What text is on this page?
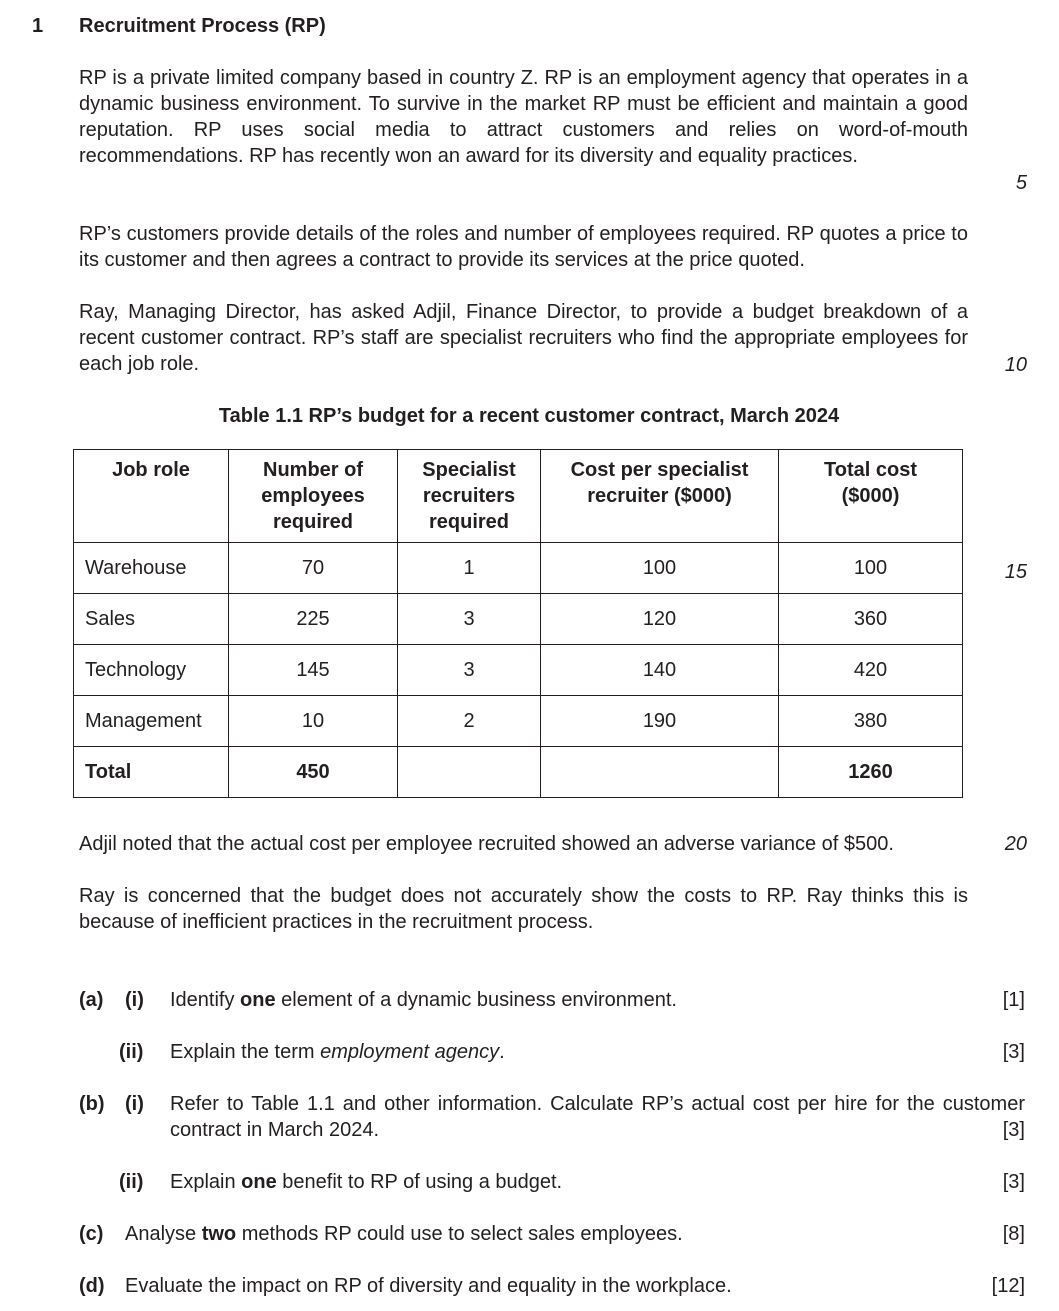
1 Recruitment Process (RP)
RP is a private limited company based in country Z. RP is an employment agency that operates in a dynamic business environment. To survive in the market RP must be efficient and maintain a good reputation. RP uses social media to attract customers and relies on word-of-mouth recommendations. RP has recently won an award for its diversity and equality practices.
RP’s customers provide details of the roles and number of employees required. RP quotes a price to its customer and then agrees a contract to provide its services at the price quoted.
Ray, Managing Director, has asked Adjil, Finance Director, to provide a budget breakdown of a recent customer contract. RP’s staff are specialist recruiters who find the appropriate employees for each job role.
5
10
15
20
Table 1.1 RP’s budget for a recent customer contract, March 2024
Job role	Number of employees required	Specialist recruiters required	Cost per specialist recruiter ($000)	Total cost ($000)

Warehouse	70	1	100	100
Sales	225	3	120	360
Technology	145	3	140	420
Management	10	2	190	380
Total	450			1260
Adjil noted that the actual cost per employee recruited showed an adverse variance of $500.
Ray is concerned that the budget does not accurately show the costs to RP. Ray thinks this is because of inefficient practices in the recruitment process.
(a) (i) Identify one element of a dynamic business environment.	[1]
(ii) Explain the term employment agency.	[3]
(b) (i) Refer to Table 1.1 and other information. Calculate RP’s actual cost per hire for the customer contract in March 2024.	[3]
(ii) Explain one benefit to RP of using a budget.	[3]
(c) Analyse two methods RP could use to select sales employees.	[8]
(d) Evaluate the impact on RP of diversity and equality in the workplace.	[12]
